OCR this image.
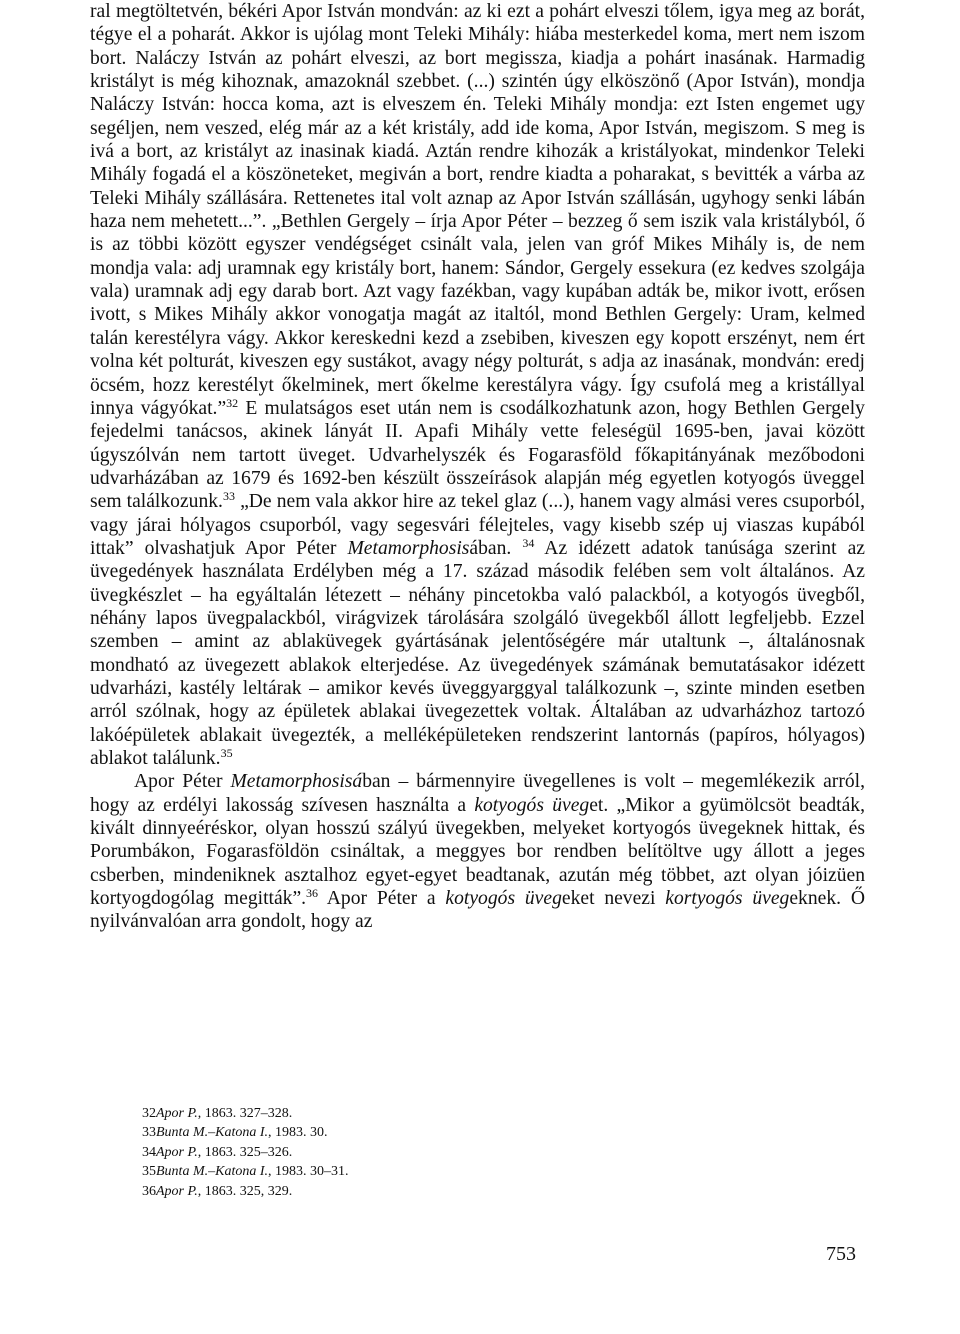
ral megtöltetvén, békéri Apor István mondván: az ki ezt a pohárt elveszi tőlem, igya meg az borát, tégye el a poharát. Akkor is ujólag mont Teleki Mihály: hiába mesterkedel koma, mert nem iszom bort. Naláczy István az pohárt elveszi, az bort megissza, kiadja a pohárt inasának. Harmadig kristályt is még kihoznak, amazoknál szebbet. (...) szintén úgy elköszönő (Apor István), mondja Naláczy István: hocca koma, azt is elveszem én. Teleki Mihály mondja: ezt Isten engemet ugy segéljen, nem veszed, elég már az a két kristály, add ide koma, Apor István, megiszom. S meg is ivá a bort, az kristályt az inasinak kiadá. Aztán rendre kihozák a kristályokat, mindenkor Teleki Mihály fogadá el a köszöneteket, megiván a bort, rendre kiadta a poharakat, s bevitték a várba az Teleki Mihály szállására. Rettenetes ital volt aznap az Apor István szállásán, ugyhogy senki lábán haza nem mehetett...”. „Bethlen Gergely – írja Apor Péter – bezzeg ő sem iszik vala kristályból, ő is az többi között egyszer vendégséget csinált vala, jelen van gróf Mikes Mihály is, de nem mondja vala: adj uramnak egy kristály bort, hanem: Sándor, Gergely essekura (ez kedves szolgája vala) uramnak adj egy darab bort. Azt vagy fazékban, vagy kupában adták be, mikor ivott, erősen ivott, s Mikes Mihály akkor vonogatja magát az italtól, mond Bethlen Gergely: Uram, kelmed talán kerestélyra vágy. Akkor kereskedni kezd a zsebiben, kiveszen egy kopott erszényt, nem ért volna két polturát, kiveszen egy sustákot, avagy négy polturát, s adja az inasának, mondván: eredj öcsém, hozz kerestélyt őkelminek, mert őkelme kerestályra vágy. Így csufolá meg a kristállyal innya vágyókat.”$^{32}$ E mulatságos eset után nem is csodálkozhatunk azon, hogy Bethlen Gergely fejedelmi tanácsos, akinek lányát II. Apafi Mihály vette feleségül 1695-ben, javai között úgyszólván nem tartott üveget. Udvarhelyszék és Fogarasföld főkapitányának mezőbodoni udvarházában az 1679 és 1692-ben készült összeírások alapján még egyetlen kotyogós üveggel sem találkozunk.$^{33}$ „De nem vala akkor hire az tekel glaz (...), hanem vagy almási veres csuporból, vagy járai hólyagos csuporból, vagy segesvári félejteles, vagy kisebb szép uj viaszas kupából ittak” olvashatjuk Apor Péter Metamorphosisában. $^{34}$ Az idézett adatok tanúsága szerint az üvegedények használata Erdélyben még a 17. század második felében sem volt általános. Az üvegkészlet – ha egyáltalán létezett – néhány pincetokba való palackból, a kotyogós üvegből, néhány lapos üvegpalackból, virágvizek tárolására szolgáló üvegekből állott legfeljebb. Ezzel szemben – amint az ablaküvegek gyártásának jelentőségére már utaltunk –, általánosnak mondható az üvegezett ablakok elterjedése. Az üvegedények számának bemutatásakor idézett udvarházi, kastély leltárak – amikor kevés üveggyarggyal találkozunk –, szinte minden esetben arról szólnak, hogy az épületek ablakai üvegezettek voltak. Általában az udvarházhoz tartozó lakóépületek ablakait üvegezték, a melléképületeken rendszerint lantornás (papíros, hólyagos) ablakot találunk.$^{35}$

Apor Péter Metamorphosisában – bármennyire üvegellenes is volt – megemlékezik arról, hogy az erdélyi lakosság szívesen használta a kotyogós üveget. „Mikor a gyümölcsöt beadták, kivált dinnyeéréskor, olyan hosszú szályú üvegekben, melyeket kortyogós üvegeknek hittak, és Porumbákon, Fogarasföldön csináltak, a meggyes bor rendben belítöltve ugy állott a jeges csberben, mindeniknek asztalhoz egyet-egyet beadtanak, azután még többet, azt olyan jóizüen kortyogdogólag megitták”.$^{36}$ Apor Péter a kotyogós üvegeket nevezi kortyogós üvegeknek. Ő nyilvánvalóan arra gondolt, hogy az

32Apor P., 1863. 327–328.

33Bunta M.–Katona I., 1983. 30.

34Apor P., 1863. 325–326.

35Bunta M.–Katona I., 1983. 30–31.

36Apor P., 1863. 325, 329.

753
